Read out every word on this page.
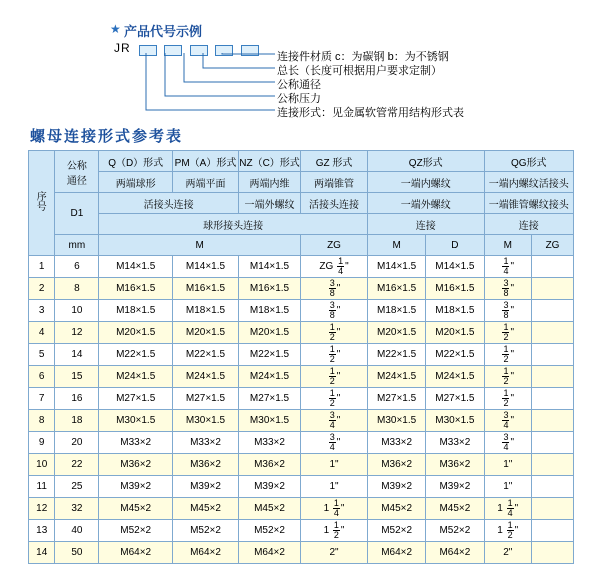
★ 产品代号示例
JR

连接件材质 c：为碳钢 b：为不锈钢
总长（长度可根据用户要求定制）
公称通径
公称压力
连接形式：见金属软管常用结构形式表
螺母连接形式参考表
序
号	公称
通径	Q（D）形式	PM（A）形式	NZ（C）形式	GZ 形式	QZ形式		QG形式	
		两端球形	两端平面	两端内维	两端锥管	一端内螺纹		一端内螺纹活接头	
	D1	活接头连接		一端外螺纹	活接头连接	一端外螺纹		一端锥管螺纹接头	
		球形接头连接				连接		连接	
	mm	M			ZG	M	D	M	ZG
1	6	M14×1.5	M14×1.5	M14×1.5	ZG $\frac{1}{4}$ "	M14×1.5	M14×1.5	$\frac{1}{4}$ "	
2	8	M16×1.5	M16×1.5	M16×1.5	$\frac{3}{8}$ "	M16×1.5	M16×1.5	$\frac{3}{8}$ "	
3	10	M18×1.5	M18×1.5	M18×1.5	$\frac{3}{8}$ "	M18×1.5	M18×1.5	$\frac{3}{8}$ "	
4	12	M20×1.5	M20×1.5	M20×1.5	$\frac{1}{2}$ "	M20×1.5	M20×1.5	$\frac{1}{2}$ "	
5	14	M22×1.5	M22×1.5	M22×1.5	$\frac{1}{2}$ "	M22×1.5	M22×1.5	$\frac{1}{2}$ "	
6	15	M24×1.5	M24×1.5	M24×1.5	$\frac{1}{2}$ "	M24×1.5	M24×1.5	$\frac{1}{2}$ "	
7	16	M27×1.5	M27×1.5	M27×1.5	$\frac{1}{2}$ "	M27×1.5	M27×1.5	$\frac{1}{2}$ "	
8	18	M30×1.5	M30×1.5	M30×1.5	$\frac{3}{4}$ "	M30×1.5	M30×1.5	$\frac{3}{4}$ "	
9	20	M33×2	M33×2	M33×2	$\frac{3}{4}$ "	M33×2	M33×2	$\frac{3}{4}$ "	
10	22	M36×2	M36×2	M36×2	1"	M36×2	M36×2	1"	
11	25	M39×2	M39×2	M39×2	1"	M39×2	M39×2	1"	
12	32	M45×2	M45×2	M45×2	$1 \frac{1}{4}$ "	M45×2	M45×2	$1 \frac{1}{4}$ "	
13	40	M52×2	M52×2	M52×2	$1 \frac{1}{2}$ "	M52×2	M52×2	$1 \frac{1}{2}$ "	
14	50	M64×2	M64×2	M64×2	2"	M64×2	M64×2	2"	
